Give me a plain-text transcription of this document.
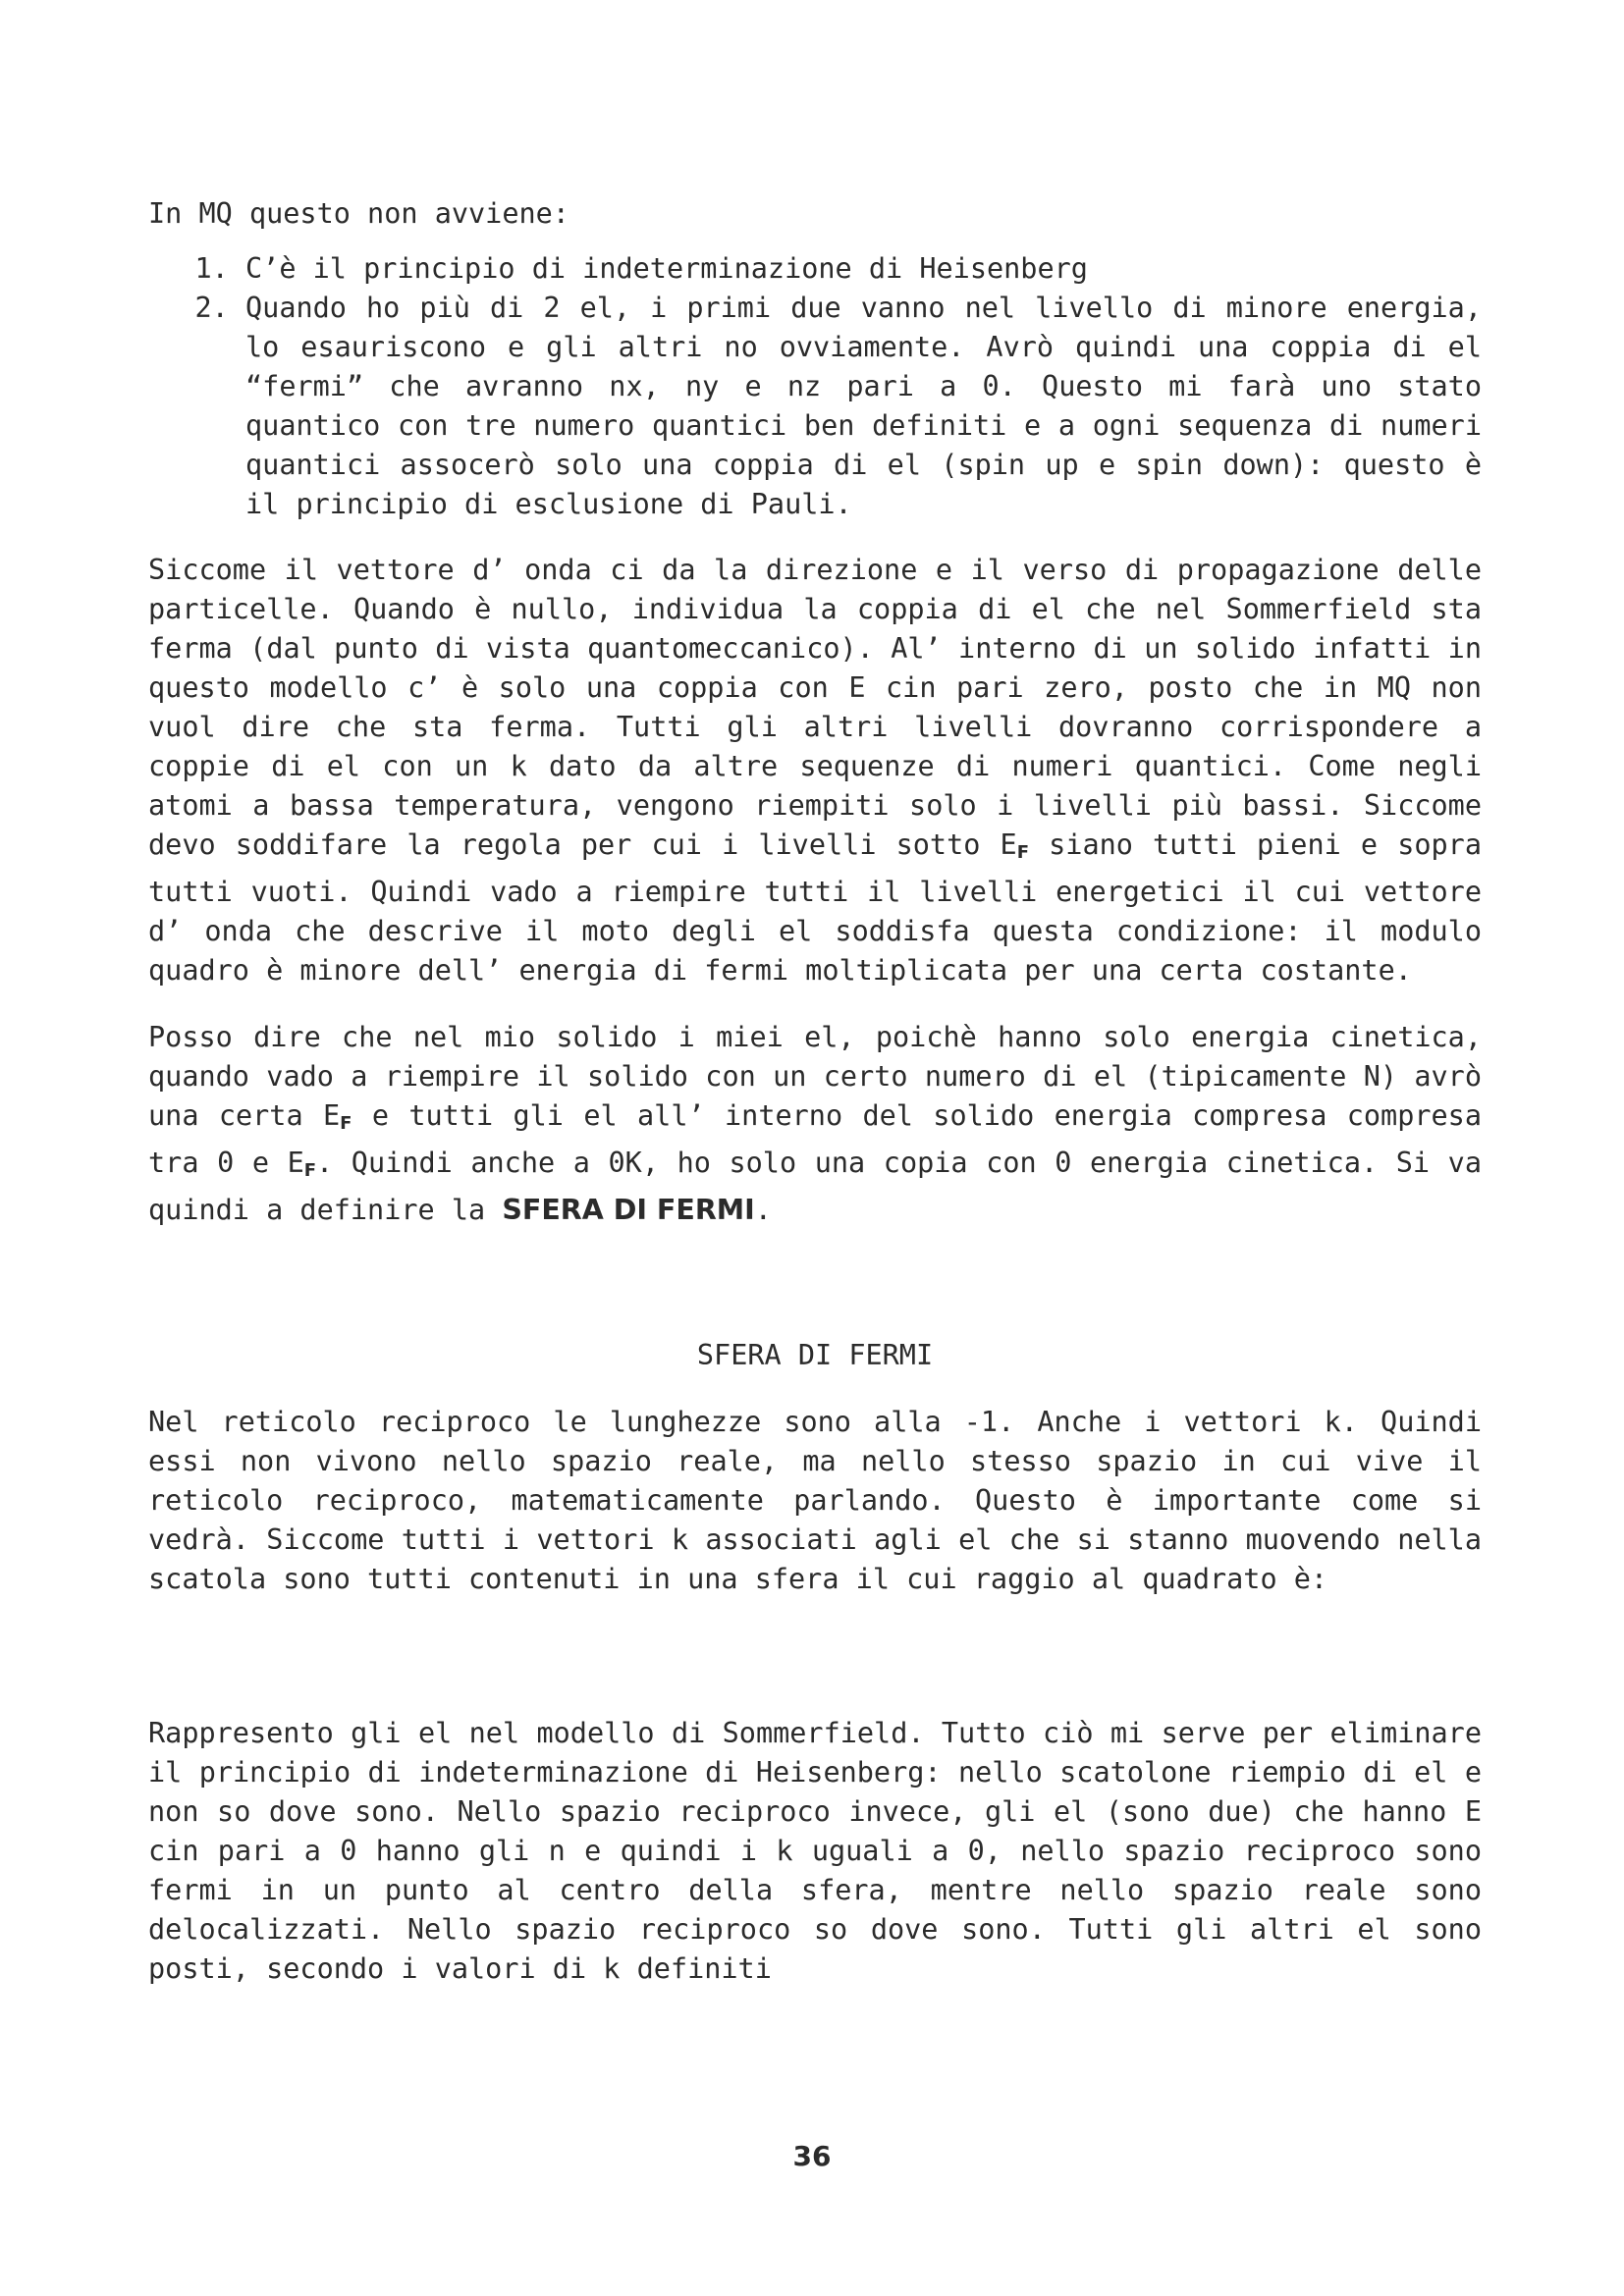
In MQ questo non avviene:

1. C’è il principio di indeterminazione di Heisenberg
2. Quando ho più di 2 el, i primi due vanno nel livello di minore energia, lo esauriscono e gli altri no ovviamente. Avrò quindi una coppia di el “fermi” che avranno nx, ny e nz pari a 0. Questo mi farà uno stato quantico con tre numero quantici ben definiti e a ogni sequenza di numeri quantici assocerò solo una coppia di el (spin up e spin down): questo è il principio di esclusione di Pauli.

Siccome il vettore d’ onda ci da la direzione e il verso di propagazione delle particelle. Quando è nullo, individua la coppia di el che nel Sommerfield sta ferma (dal punto di vista quantomeccanico). Al’ interno di un solido infatti in questo modello c’ è solo una coppia con E cin pari zero, posto che in MQ non vuol dire che sta ferma. Tutti gli altri livelli dovranno corrispondere a coppie di el con un k dato da altre sequenze di numeri quantici. Come negli atomi a bassa temperatura, vengono riempiti solo i livelli più bassi. Siccome devo soddifare la regola per cui i livelli sotto $E_F$ siano tutti pieni e sopra tutti vuoti. Quindi vado a riempire tutti il livelli energetici il cui vettore d’ onda che descrive il moto degli el soddisfa questa condizione: il modulo quadro è minore dell’ energia di fermi moltiplicata per una certa costante.

Posso dire che nel mio solido i miei el, poichè hanno solo energia cinetica, quando vado a riempire il solido con un certo numero di el (tipicamente N) avrò una certa $E_F$ e tutti gli el all’ interno del solido energia compresa compresa tra 0 e $E_F$. Quindi anche a 0K, ho solo una copia con 0 energia cinetica. Si va quindi a definire la SFERA DI FERMI.

SFERA DI FERMI

Nel reticolo reciproco le lunghezze sono alla -1. Anche i vettori k. Quindi essi non vivono nello spazio reale, ma nello stesso spazio in cui vive il reticolo reciproco, matematicamente parlando. Questo è importante come si vedrà. Siccome tutti i vettori k associati agli el che si stanno muovendo nella scatola sono tutti contenuti in una sfera il cui raggio al quadrato è:

Rappresento gli el nel modello di Sommerfield. Tutto ciò mi serve per eliminare il principio di indeterminazione di Heisenberg: nello scatolone riempio di el e non so dove sono. Nello spazio reciproco invece, gli el (sono due) che hanno E cin pari a 0 hanno gli n e quindi i k uguali a 0, nello spazio reciproco sono fermi in un punto al centro della sfera, mentre nello spazio reale sono delocalizzati. Nello spazio reciproco so dove sono. Tutti gli altri el sono posti, secondo i valori di k definiti

36
